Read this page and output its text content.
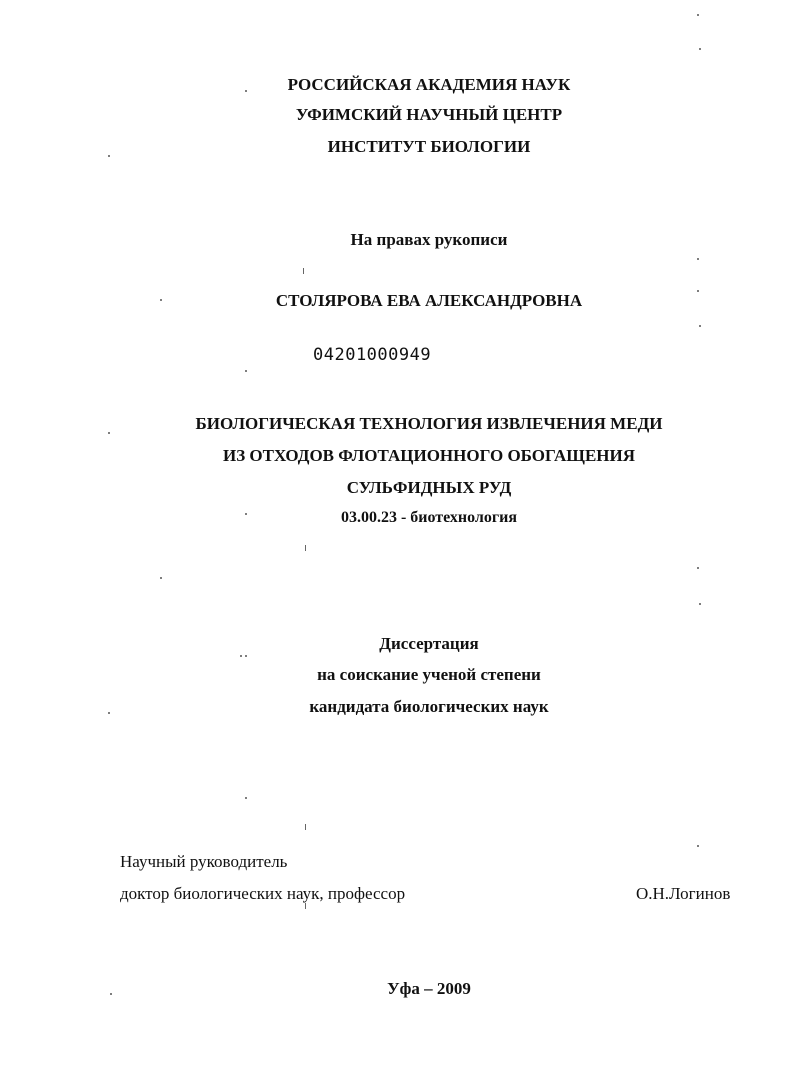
РОССИЙСКАЯ АКАДЕМИЯ НАУК
УФИМСКИЙ НАУЧНЫЙ ЦЕНТР
ИНСТИТУТ БИОЛОГИИ
На правах рукописи
СТОЛЯРОВА ЕВА АЛЕКСАНДРОВНА
04201000949
БИОЛОГИЧЕСКАЯ ТЕХНОЛОГИЯ ИЗВЛЕЧЕНИЯ МЕДИ
ИЗ ОТХОДОВ ФЛОТАЦИОННОГО ОБОГАЩЕНИЯ
СУЛЬФИДНЫХ РУД
03.00.23 - биотехнология
Диссертация
на соискание ученой степени
кандидата биологических наук
Научный руководитель
доктор биологических наук, профессор	О.Н.Логинов
Уфа – 2009
